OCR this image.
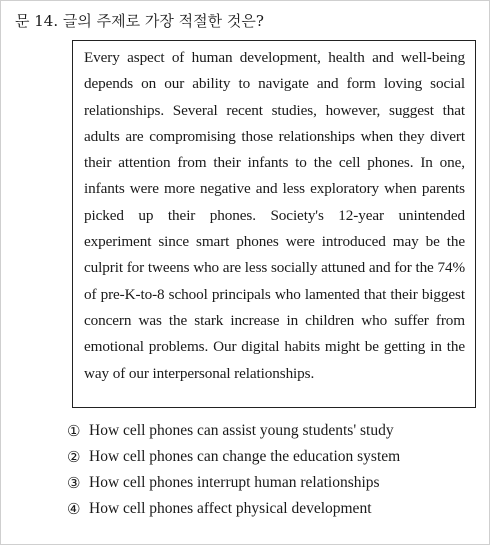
문 14. 글의 주제로 가장 적절한 것은?

Every aspect of human development, health and well-being depends on our ability to navigate and form loving social relationships. Several recent studies, however, suggest that adults are compromising those relationships when they divert their attention from their infants to the cell phones. In one, infants were more negative and less exploratory when parents picked up their phones. Society's 12-year unintended experiment since smart phones were introduced may be the culprit for tweens who are less socially attuned and for the 74% of pre-K-to-8 school principals who lamented that their biggest concern was the stark increase in children who suffer from emotional problems. Our digital habits might be getting in the way of our interpersonal relationships.

① How cell phones can assist young students' study
② How cell phones can change the education system
③ How cell phones interrupt human relationships
④ How cell phones affect physical development
